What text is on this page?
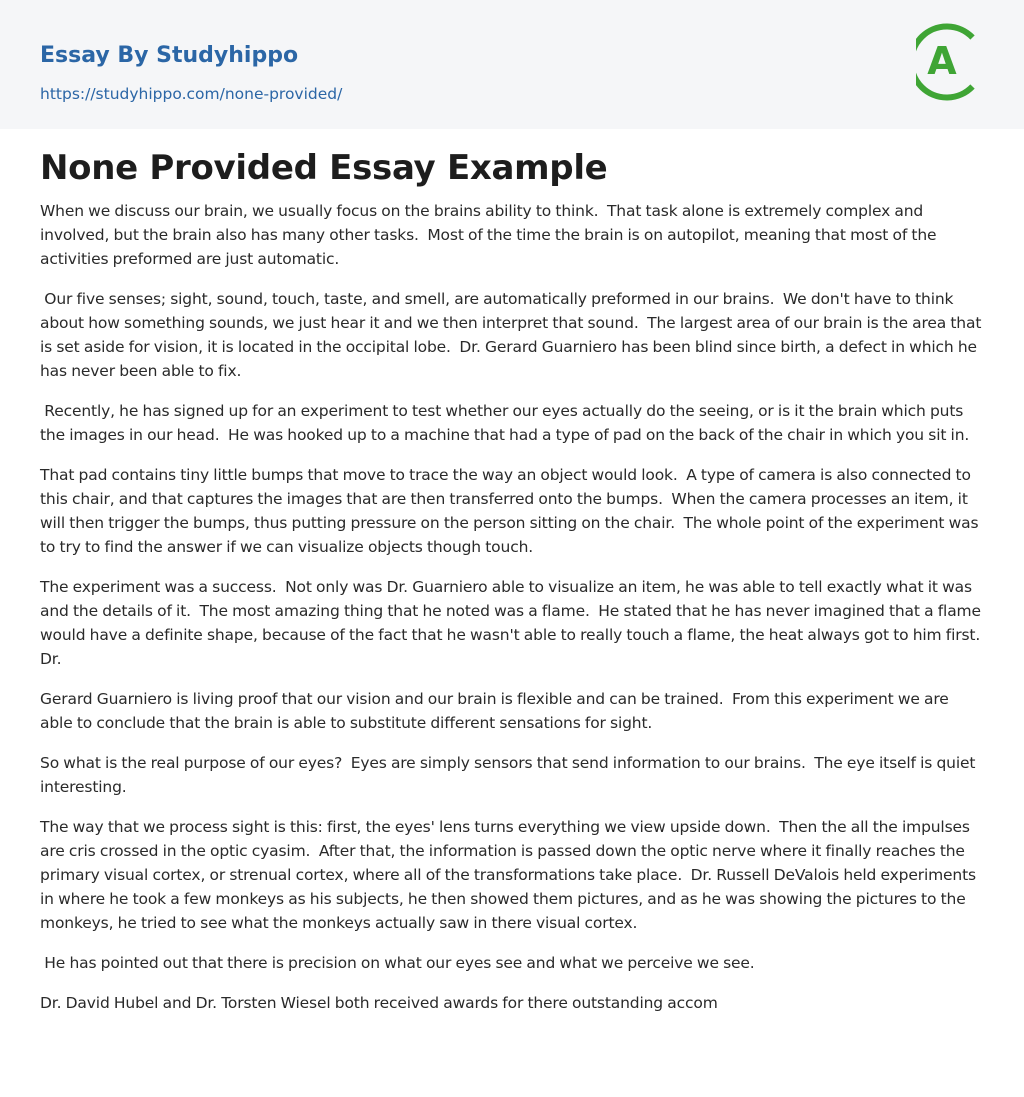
Essay By Studyhippo
https://studyhippo.com/none-provided/
A
None Provided Essay Example

When we discuss our brain, we usually focus on the brains ability to think.  That task alone is extremely complex and involved, but the brain also has many other tasks.  Most of the time the brain is on autopilot, meaning that most of the activities preformed are just automatic.

Our five senses; sight, sound, touch, taste, and smell, are automatically preformed in our brains.  We don't have to think about how something sounds, we just hear it and we then interpret that sound.  The largest area of our brain is the area that is set aside for vision, it is located in the occipital lobe.  Dr. Gerard Guarniero has been blind since birth, a defect in which he has never been able to fix.

Recently, he has signed up for an experiment to test whether our eyes actually do the seeing, or is it the brain which puts the images in our head.  He was hooked up to a machine that had a type of pad on the back of the chair in which you sit in.

That pad contains tiny little bumps that move to trace the way an object would look.  A type of camera is also connected to this chair, and that captures the images that are then transferred onto the bumps.  When the camera processes an item, it will then trigger the bumps, thus putting pressure on the person sitting on the chair.  The whole point of the experiment was to try to find the answer if we can visualize objects though touch.

The experiment was a success.  Not only was Dr. Guarniero able to visualize an item, he was able to tell exactly what it was and the details of it.  The most amazing thing that he noted was a flame.  He stated that he has never imagined that a flame would have a definite shape, because of the fact that he wasn't able to really touch a flame, the heat always got to him first.  Dr.

Gerard Guarniero is living proof that our vision and our brain is flexible and can be trained.  From this experiment we are able to conclude that the brain is able to substitute different sensations for sight.

So what is the real purpose of our eyes?  Eyes are simply sensors that send information to our brains.  The eye itself is quiet interesting.

The way that we process sight is this: first, the eyes' lens turns everything we view upside down.  Then the all the impulses are cris crossed in the optic cyasim.  After that, the information is passed down the optic nerve where it finally reaches the primary visual cortex, or strenual cortex, where all of the transformations take place.  Dr. Russell DeValois held experiments in where he took a few monkeys as his subjects, he then showed them pictures, and as he was showing the pictures to the monkeys, he tried to see what the monkeys actually saw in there visual cortex.

He has pointed out that there is precision on what our eyes see and what we perceive we see.

Dr. David Hubel and Dr. Torsten Wiesel both received awards for there outstanding accom
